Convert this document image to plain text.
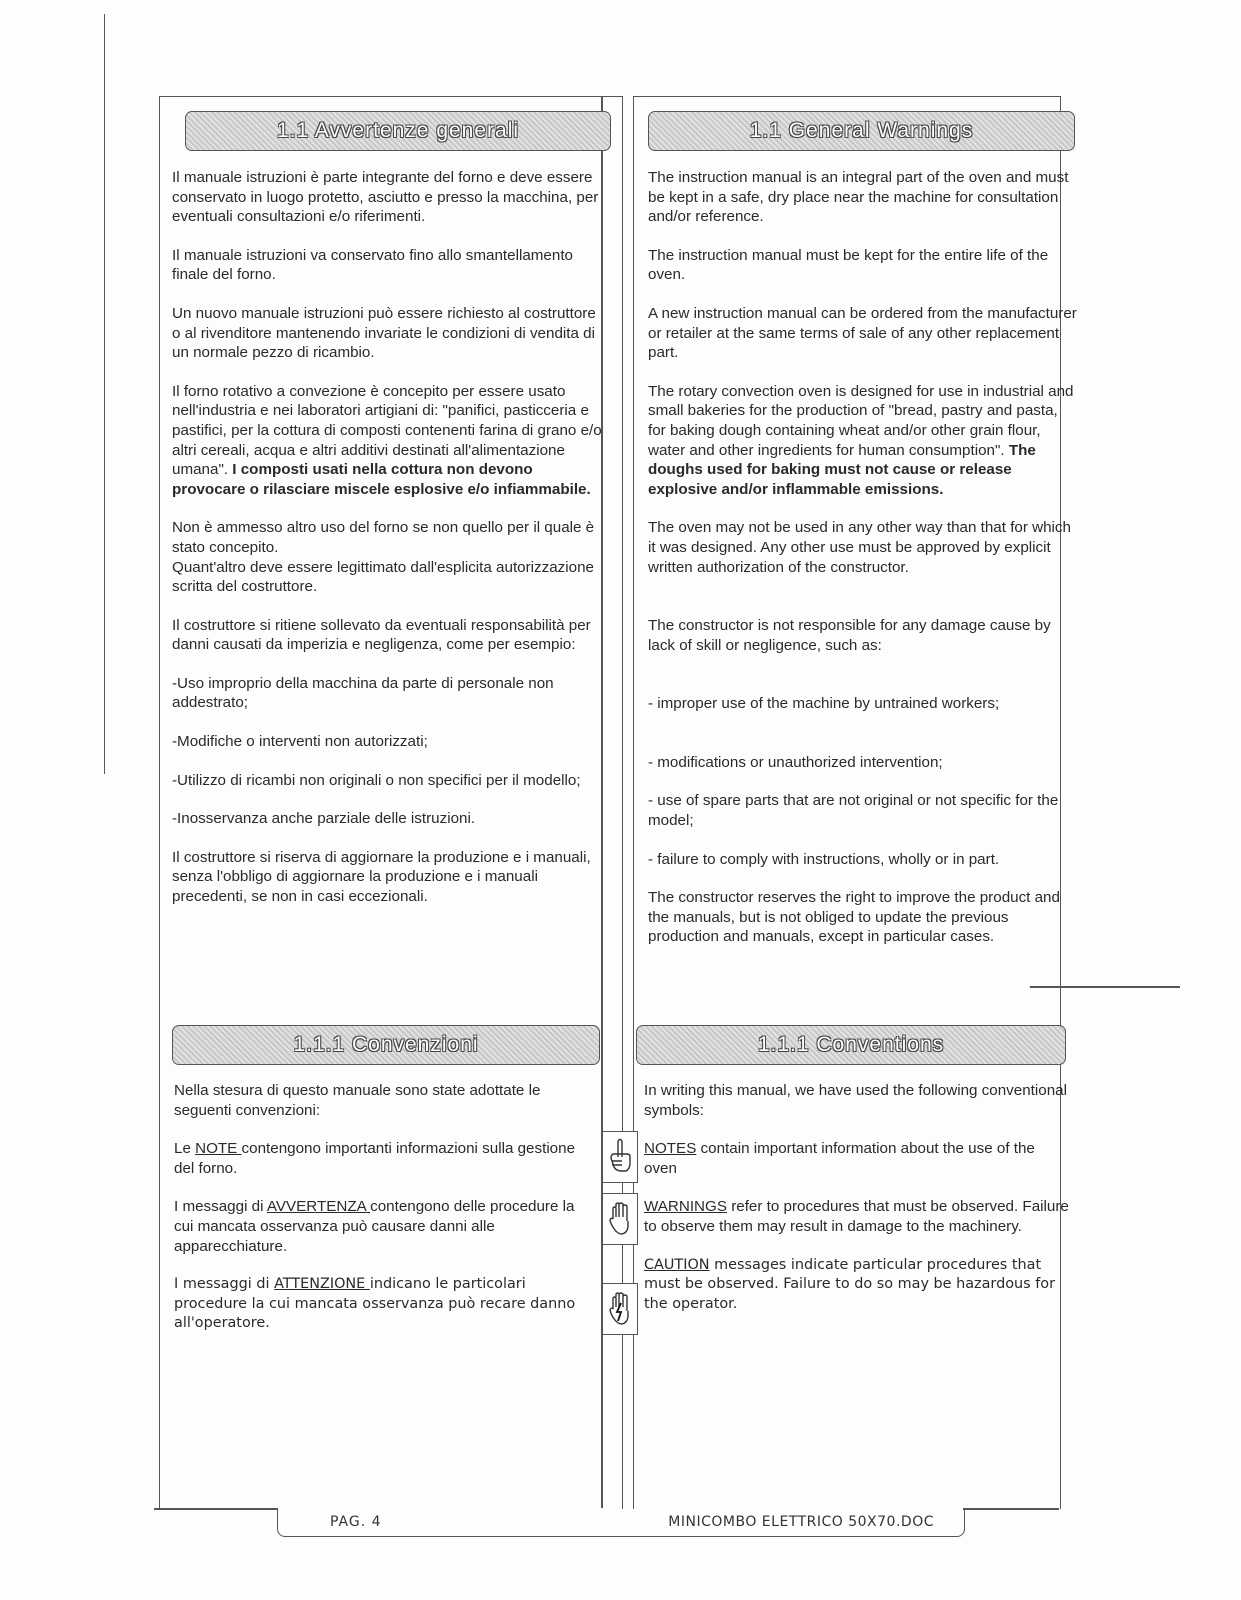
1.1 Avvertenze generali	1.1 General Warnings
1.1.1 Convenzioni	1.1.1 Conventions

Il manuale istruzioni è parte integrante del forno e deve essere conservato in luogo protetto, asciutto e presso la macchina, per eventuali consultazioni e/o riferimenti.

Il manuale istruzioni va conservato fino allo smantellamento finale del forno.

Un nuovo manuale istruzioni può essere richiesto al costruttore o al rivenditore mantenendo invariate le condizioni di vendita di un normale pezzo di ricambio.

Il forno rotativo a convezione è concepito per essere usato nell'industria e nei laboratori artigiani di: "panifici, pasticceria e pastifici, per la cottura di composti contenenti farina di grano e/o altri cereali, acqua e altri additivi destinati all'alimentazione umana". I composti usati nella cottura non devono provocare o rilasciare miscele esplosive e/o infiammabile.

Non è ammesso altro uso del forno se non quello per il quale è stato concepito.

Quant'altro deve essere legittimato dall'esplicita autorizzazione scritta del costruttore.

Il costruttore si ritiene sollevato da eventuali responsabilità per danni causati da imperizia e negligenza, come per esempio:

-Uso improprio della macchina da parte di personale non addestrato;

-Modifiche o interventi non autorizzati;

-Utilizzo di ricambi non originali o non specifici per il modello;

-Inosservanza anche parziale delle istruzioni.

Il costruttore si riserva di aggiornare la produzione e i manuali, senza l'obbligo di aggiornare la produzione e i manuali precedenti, se non in casi eccezionali.

Nella stesura di questo manuale sono state adottate le seguenti convenzioni:

Le NOTE contengono importanti informazioni sulla gestione del forno.

I messaggi di AVVERTENZA contengono delle procedure la cui mancata osservanza può causare danni alle apparecchiature.

I messaggi di ATTENZIONE indicano le particolari procedure la cui mancata osservanza può recare danno all'operatore.

The instruction manual is an integral part of the oven and must be kept in a safe, dry place near the machine for consultation and/or reference.

The instruction manual must be kept for the entire life of the oven.

A new instruction manual can be ordered from the manufacturer or retailer at the same terms of sale of any other replacement part.

The rotary convection oven is designed for use in industrial and small bakeries for the production of "bread, pastry and pasta, for baking dough containing wheat and/or other grain flour, water and other ingredients for human consumption". The doughs used for baking must not cause or release explosive and/or inflammable emissions.

The oven may not be used in any other way than that for which it was designed. Any other use must be approved by explicit written authorization of the constructor.

The constructor is not responsible for any damage cause by lack of skill or negligence, such as:

- improper use of the machine by untrained workers;

- modifications or unauthorized intervention;

- use of spare parts that are not original or not specific for the model;

- failure to comply with instructions, wholly or in part.

The constructor reserves the right to improve the product and the manuals, but is not obliged to update the previous production and manuals, except in particular cases.

In writing this manual, we have used the following conventional symbols:

NOTES contain important information about the use of the oven

WARNINGS refer to procedures that must be observed. Failure to observe them may result in damage to the machinery.

CAUTION messages indicate particular procedures that must be observed. Failure to do so may be hazardous for the operator.

PAG. 4	MINICOMBO ELETTRICO 50X70.DOC
